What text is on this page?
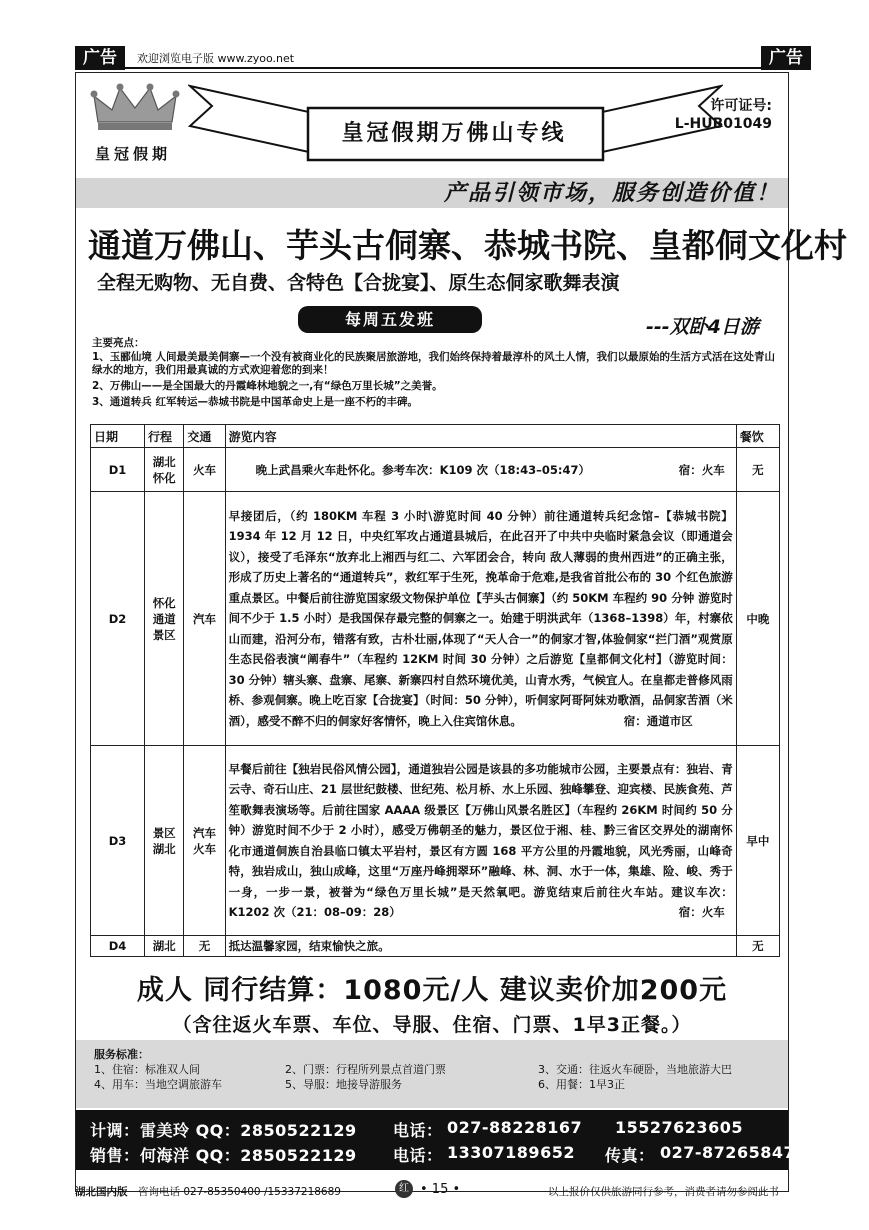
广告	欢迎浏览电子版 www.zyoo.net	广告
皇冠假期
皇冠假期万佛山专线
许可证号:
L-HUB01049
产品引领市场，服务创造价值！
通道万佛山、芋头古侗寨、恭城书院、皇都侗文化村
全程无购物、无自费、含特色【合拢宴】、原生态侗家歌舞表演
每周五发班	---双卧4日游
主要亮点：
1、玉郦仙境 人间最美最美侗寨—一个没有被商业化的民族聚居旅游地，我们始终保持着最淳朴的风土人情，我们以最原始的生活方式活在这处青山绿水的地方，我们用最真诚的方式欢迎着您的到来！
2、万佛山——是全国最大的丹霞峰林地貌之一,有“绿色万里长城”之美誉。
3、通道转兵 红军转运—恭城书院是中国革命史上是一座不朽的丰碑。
日期	行程	交通	游览内容	餐饮
D1	湖北怀化	火车	晚上武昌乘火车赴怀化。参考车次：K109 次（18:43–05:47） 宿：火车	无
D2	怀化通道景区	汽车	早接团后，（约 180KM 车程 3 小时\游览时间 40 分钟）前往通道转兵纪念馆–【恭城书院】1934 年 12 月 12 日，中央红军攻占通道县城后，在此召开了中共中央临时紧急会议（即通道会议），接受了毛泽东“放弃北上湘西与红二、六军团会合，转向 敌人薄弱的贵州西进”的正确主张，形成了历史上著名的“通道转兵”，救红军于生死，挽革命于危难,是我省首批公布的 30 个红色旅游重点景区。中餐后前往游览国家级文物保护单位【芋头古侗寨】（约 50KM 车程约 90 分钟 游览时间不少于 1.5 小时）是我国保存最完整的侗寨之一。始建于明洪武年（1368–1398）年，村寨依山而建，沿河分布，错落有致，古朴壮丽,体现了“天人合一”的侗家才智,体验侗家“拦门酒”观赏原生态民俗表演“阐春牛”（车程约 12KM 时间 30 分钟）之后游览【皇都侗文化村】（游览时间：30 分钟）辖头寨、盘寨、尾寨、新寨四村自然环境优美，山青水秀，气候宜人。在皇都走普修风雨桥、参观侗寨。晚上吃百家【合拢宴】（时间：50 分钟），听侗家阿哥阿妹劝歌酒，品侗家苦酒（米酒），感受不醉不归的侗家好客情怀，晚上入住宾馆休息。 宿：通道市区	中晚
D3	景区湖北	汽车火车	早餐后前往【独岩民俗风情公园】，通道独岩公园是该县的多功能城市公园，主要景点有：独岩、青云寺、奇石山庄、21 层世纪鼓楼、世纪苑、松月桥、水上乐园、独峰攀登、迎宾楼、民族食苑、芦笙歌舞表演场等。后前往国家 AAAA 级景区【万佛山风景名胜区】（车程约 26KM 时间约 50 分钟）游览时间不少于 2 小时），感受万佛朝圣的魅力，景区位于湘、桂、黔三省区交界处的湖南怀化市通道侗族自治县临口镇太平岩村，景区有方圆 168 平方公里的丹霞地貌，风光秀丽，山峰奇特，独岩成山，独山成峰，这里“万座丹峰拥翠环”融峰、林、洞、水于一体，集雄、险、峻、秀于一身，一步一景，被誉为“绿色万里长城”是天然氧吧。游览结束后前往火车站。建议车次：K1202 次（21：08–09：28） 宿：火车	早中
D4	湖北	无	抵达温馨家园，结束愉快之旅。	无
成人 同行结算：1080元/人 建议卖价加200元
（含往返火车票、车位、导服、住宿、门票、1早3正餐。）
服务标准：
1、住宿：标准双人间	2、门票：行程所列景点首道门票	3、交通：往返火车硬卧，当地旅游大巴
4、用车：当地空调旅游车	5、导服：地接导游服务	6、用餐：1早3正
计调： 雷美玲 QQ：2850522129 电话： 027-88228167 15527623605
销售： 何海洋 QQ：2850522129 电话： 13307189652 传真： 027-87265847
湖北国内版 咨询电话 027-85350400 /15337218689	红 • 15 •	以上报价仅供旅游同行参考，消费者请勿参阅此书
